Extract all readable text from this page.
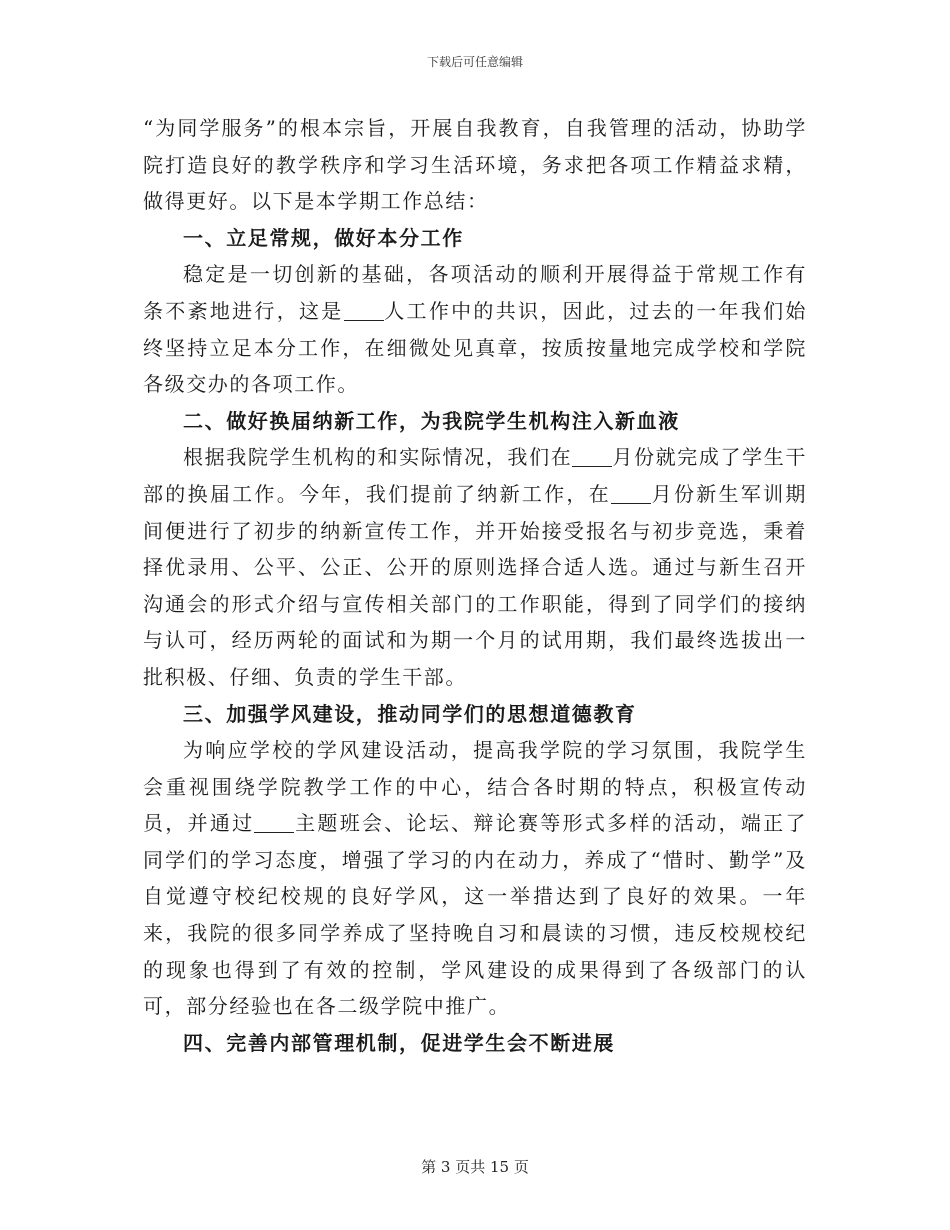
下载后可任意编辑

“为同学服务”的根本宗旨，开展自我教育，自我管理的活动，协助学院打造良好的教学秩序和学习生活环境，务求把各项工作精益求精，做得更好。以下是本学期工作总结：

一、立足常规，做好本分工作

稳定是一切创新的基础，各项活动的顺利开展得益于常规工作有条不紊地进行，这是 人工作中的共识，因此，过去的一年我们始终坚持立足本分工作，在细微处见真章，按质按量地完成学校和学院各级交办的各项工作。

二、做好换届纳新工作，为我院学生机构注入新血液

根据我院学生机构的和实际情况，我们在 月份就完成了学生干部的换届工作。今年，我们提前了纳新工作，在 月份新生军训期间便进行了初步的纳新宣传工作，并开始接受报名与初步竞选，秉着择优录用、公平、公正、公开的原则选择合适人选。通过与新生召开沟通会的形式介绍与宣传相关部门的工作职能，得到了同学们的接纳与认可，经历两轮的面试和为期一个月的试用期，我们最终选拔出一批积极、仔细、负责的学生干部。

三、加强学风建设，推动同学们的思想道德教育

为响应学校的学风建设活动，提高我学院的学习氛围，我院学生会重视围绕学院教学工作的中心，结合各时期的特点，积极宣传动员，并通过 主题班会、论坛、辩论赛等形式多样的活动，端正了同学们的学习态度，增强了学习的内在动力，养成了“惜时、勤学”及自觉遵守校纪校规的良好学风，这一举措达到了良好的效果。一年来，我院的很多同学养成了坚持晚自习和晨读的习惯，违反校规校纪的现象也得到了有效的控制，学风建设的成果得到了各级部门的认可，部分经验也在各二级学院中推广。

四、完善内部管理机制，促进学生会不断进展

第 3 页共 15 页
